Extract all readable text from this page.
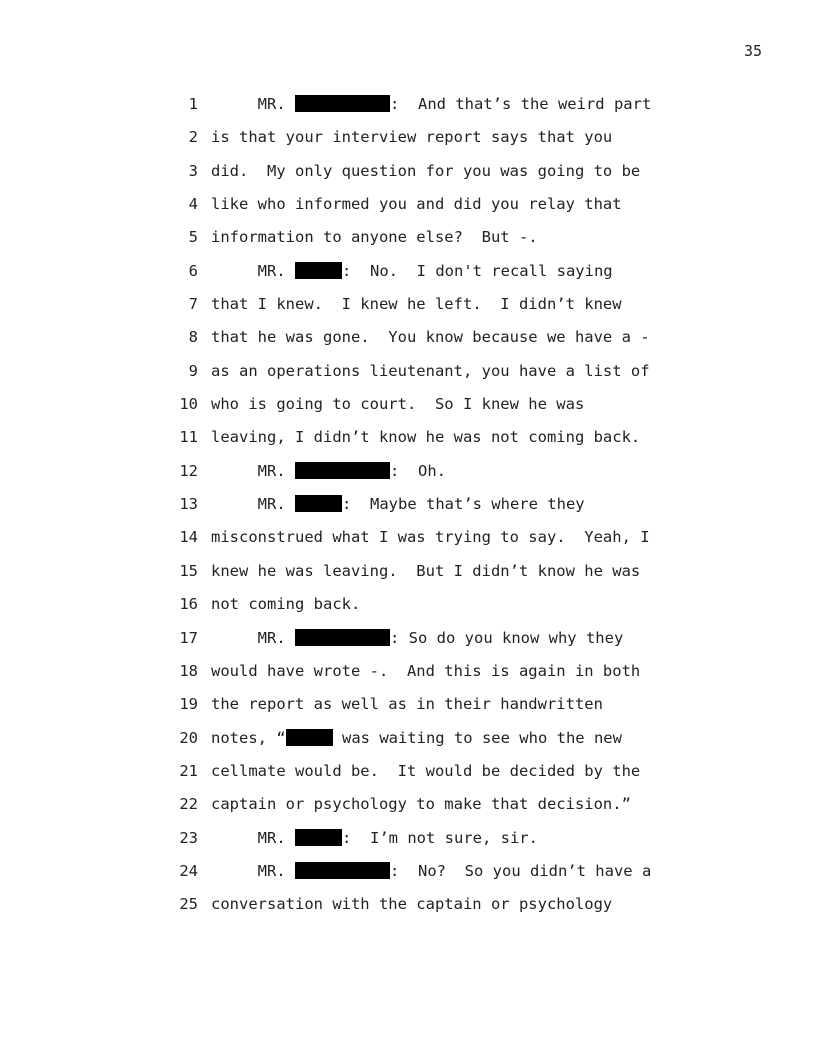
35
1     MR.	:  And that’s the weird part
2 is that your interview report says that you
3 did.  My only question for you was going to be
4 like who informed you and did you relay that
5 information to anyone else?  But -.
6     MR.	:  No.  I don't recall saying
7 that I knew.  I knew he left.  I didn’t knew
8 that he was gone.  You know because we have a -
9 as an operations lieutenant, you have a list of
10 who is going to court.  So I knew he was
11 leaving, I didn’t know he was not coming back.
12     MR.	:  Oh.
13     MR.	:  Maybe that’s where they
14 misconstrued what I was trying to say.  Yeah, I
15 knew he was leaving.  But I didn’t know he was
16 not coming back.
17     MR.	: So do you know why they
18 would have wrote -.  And this is again in both
19 the report as well as in their handwritten
20 notes, “	was waiting to see who the new
21 cellmate would be.  It would be decided by the
22 captain or psychology to make that decision.”
23     MR.	:  I’m not sure, sir.
24     MR.	:  No?  So you didn’t have a
25 conversation with the captain or psychology
